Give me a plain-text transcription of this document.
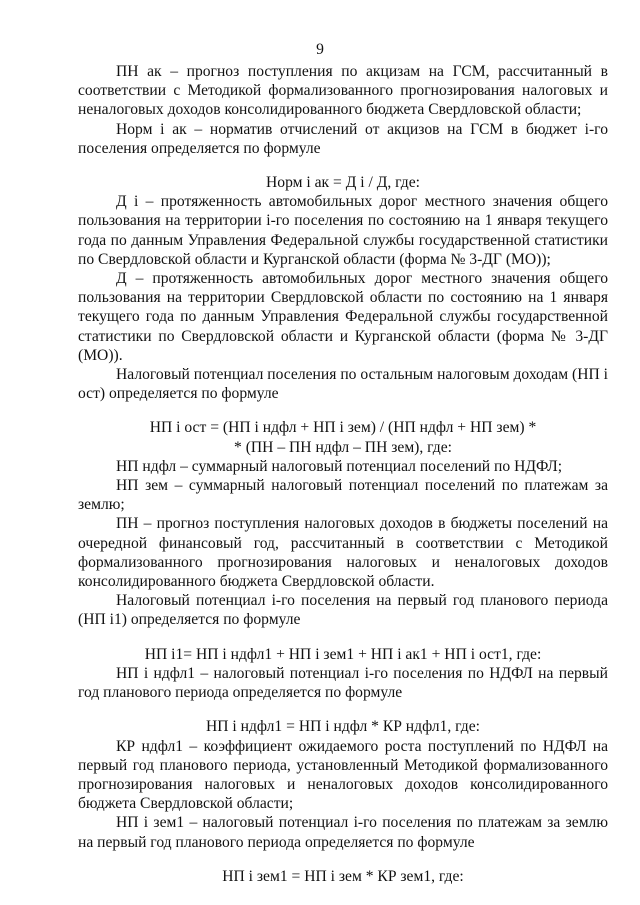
9

ПН ак – прогноз поступления по акцизам на ГСМ, рассчитанный в соответствии с Методикой формализованного прогнозирования налоговых и неналоговых доходов консолидированного бюджета Свердловской области;

Норм і ак – норматив отчислений от акцизов на ГСМ в бюджет і-го поселения определяется по формуле

Норм і ак = Д і / Д, где:

Д і – протяженность автомобильных дорог местного значения общего пользования на территории і-го поселения по состоянию на 1 января текущего года по данным Управления Федеральной службы государственной статистики по Свердловской области и Курганской области (форма № 3-ДГ (МО));

Д – протяженность автомобильных дорог местного значения общего пользования на территории Свердловской области по состоянию на 1 января текущего года по данным Управления Федеральной службы государственной статистики по Свердловской области и Курганской области (форма № 3-ДГ (МО)).

Налоговый потенциал поселения по остальным налоговым доходам (НП і ост) определяется по формуле

НП і ост = (НП і ндфл + НП і зем) / (НП ндфл + НП зем) *

* (ПН – ПН ндфл – ПН зем), где:

НП ндфл – суммарный налоговый потенциал поселений по НДФЛ;

НП зем – суммарный налоговый потенциал поселений по платежам за землю;

ПН – прогноз поступления налоговых доходов в бюджеты поселений на очередной финансовый год, рассчитанный в соответствии с Методикой формализованного прогнозирования налоговых и неналоговых доходов консолидированного бюджета Свердловской области.

Налоговый потенциал і-го поселения на первый год планового периода (НП і1) определяется по формуле

НП і1= НП і ндфл1 + НП і зем1 + НП і ак1 + НП і ост1, где:

НП і ндфл1 – налоговый потенциал і-го поселения по НДФЛ на первый год планового периода определяется по формуле

НП і ндфл1 = НП і ндфл * КР ндфл1, где:

КР ндфл1 – коэффициент ожидаемого роста поступлений по НДФЛ на первый год планового периода, установленный Методикой формализованного прогнозирования налоговых и неналоговых доходов консолидированного бюджета Свердловской области;

НП і зем1 – налоговый потенциал і-го поселения по платежам за землю на первый год планового периода определяется по формуле

НП і зем1 = НП і зем * КР зем1, где:
